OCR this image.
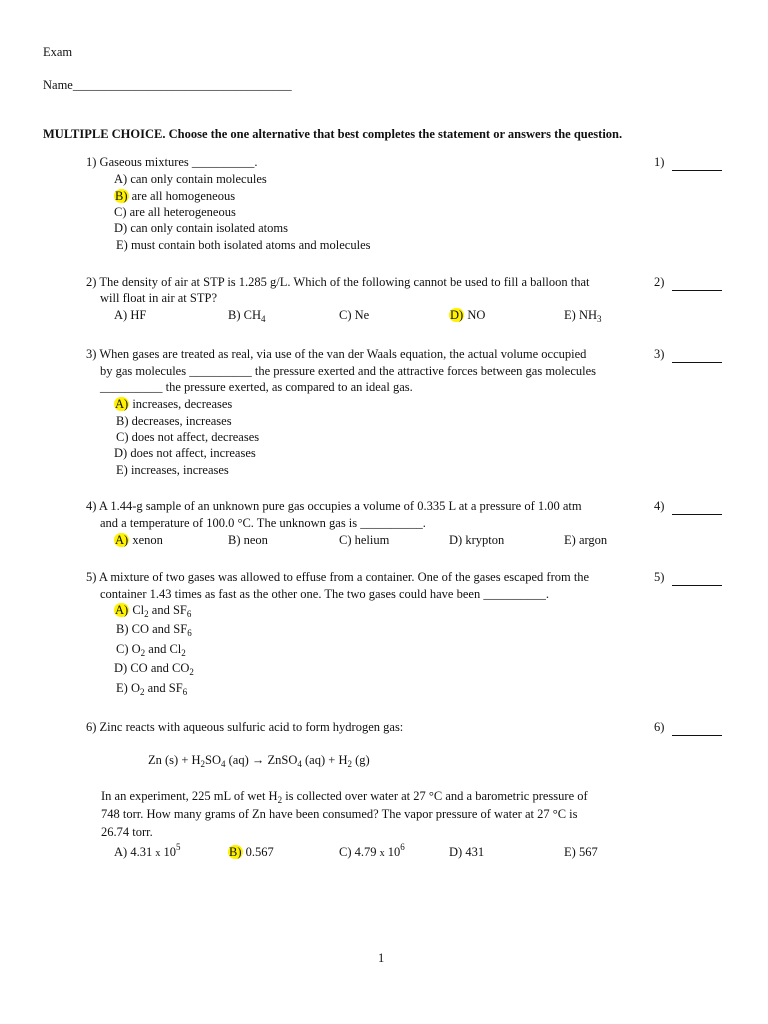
Exam
Name___________________________________
MULTIPLE CHOICE. Choose the one alternative that best completes the statement or answers the question.
1) Gaseous mixtures __________.	1)
A) can only contain molecules
B) are all homogeneous
C) are all heterogeneous
D) can only contain isolated atoms
E) must contain both isolated atoms and molecules
2) The density of air at STP is 1.285 g/L. Which of the following cannot be used to fill a balloon that
will float in air at STP?
2)
A) HF	B) $CH_4$	C) Ne	D) NO	E) $NH_3$
3) When gases are treated as real, via use of the van der Waals equation, the actual volume occupied
by gas molecules __________ the pressure exerted and the attractive forces between gas molecules
__________ the pressure exerted, as compared to an ideal gas.
3)
A) increases, decreases
B) decreases, increases
C) does not affect, decreases
D) does not affect, increases
E) increases, increases
4) A 1.44-g sample of an unknown pure gas occupies a volume of 0.335 L at a pressure of 1.00 atm
and a temperature of 100.0 °C. The unknown gas is __________.
4)
A) xenon	B) neon	C) helium	D) krypton	E) argon
5) A mixture of two gases was allowed to effuse from a container. One of the gases escaped from the
container 1.43 times as fast as the other one. The two gases could have been __________.
5)
A) $Cl_2$ and $SF_6$
B) CO and $SF_6$
C) $O_2$ and $Cl_2$
D) CO and $CO_2$
E) $O_2$ and $SF_6$
6) Zinc reacts with aqueous sulfuric acid to form hydrogen gas:	6)
Zn $(s) + H_2SO_4$ (aq) → ZnSO$_4$ $(aq) + H_2$ (g)
In an experiment, 225 mL of wet $H_2$ is collected over water at 27 °C and a barometric pressure of
748 torr. How many grams of Zn have been consumed? The vapor pressure of water at 27 °C is
26.74 torr.
A) 4.31 x $10^5$	B) 0.567	C) 4.79 x $10^6$	D) 431	E) 567
1
